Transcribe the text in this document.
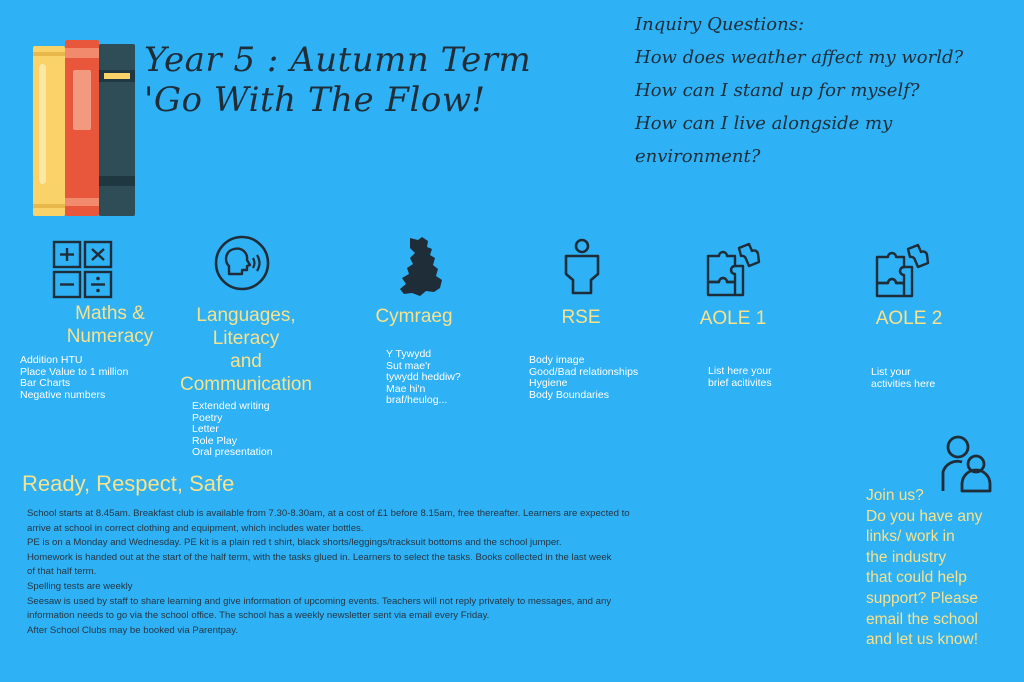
Year 5 : Autumn Term
'Go With The Flow!
Inquiry Questions:
How does weather affect my world?
How can I stand up for myself?
How can I live alongside my
environment?
Maths &
Numeracy
Languages,
Literacy
and
Communication
Cymraeg	RSE	AOLE 1	AOLE 2
Addition HTU
Place Value to 1 million
Bar Charts
Negative numbers
Extended writing
Poetry
Letter
Role Play
Oral presentation
Y Tywydd
Sut mae'r
tywydd heddiw?
Mae hi'n
braf/heulog...
Body image
Good/Bad relationships
Hygiene
Body Boundaries
List here your
brief acitivites
List your
activities here
Ready, Respect, Safe
School starts at 8.45am. Breakfast club is available from 7.30-8.30am, at a cost of £1 before 8.15am, free thereafter. Learners are expected to
arrive at school in correct clothing and equipment, which includes water bottles.
PE is on a Monday and Wednesday. PE kit is a plain red t shirt, black shorts/leggings/tracksuit bottoms and the school jumper.
Homework is handed out at the start of the half term, with the tasks glued in. Learners to select the tasks. Books collected in the last week
of that half term.
Spelling tests are weekly
Seesaw is used by staff to share learning and give information of upcoming events. Teachers will not reply privately to messages, and any
information needs to go via the school office. The school has a weekly newsletter sent via email every Friday.
After School Clubs may be booked via Parentpay.
Join us?
Do you have any
links/ work in
the industry
that could help
support? Please
email the school
and let us know!
